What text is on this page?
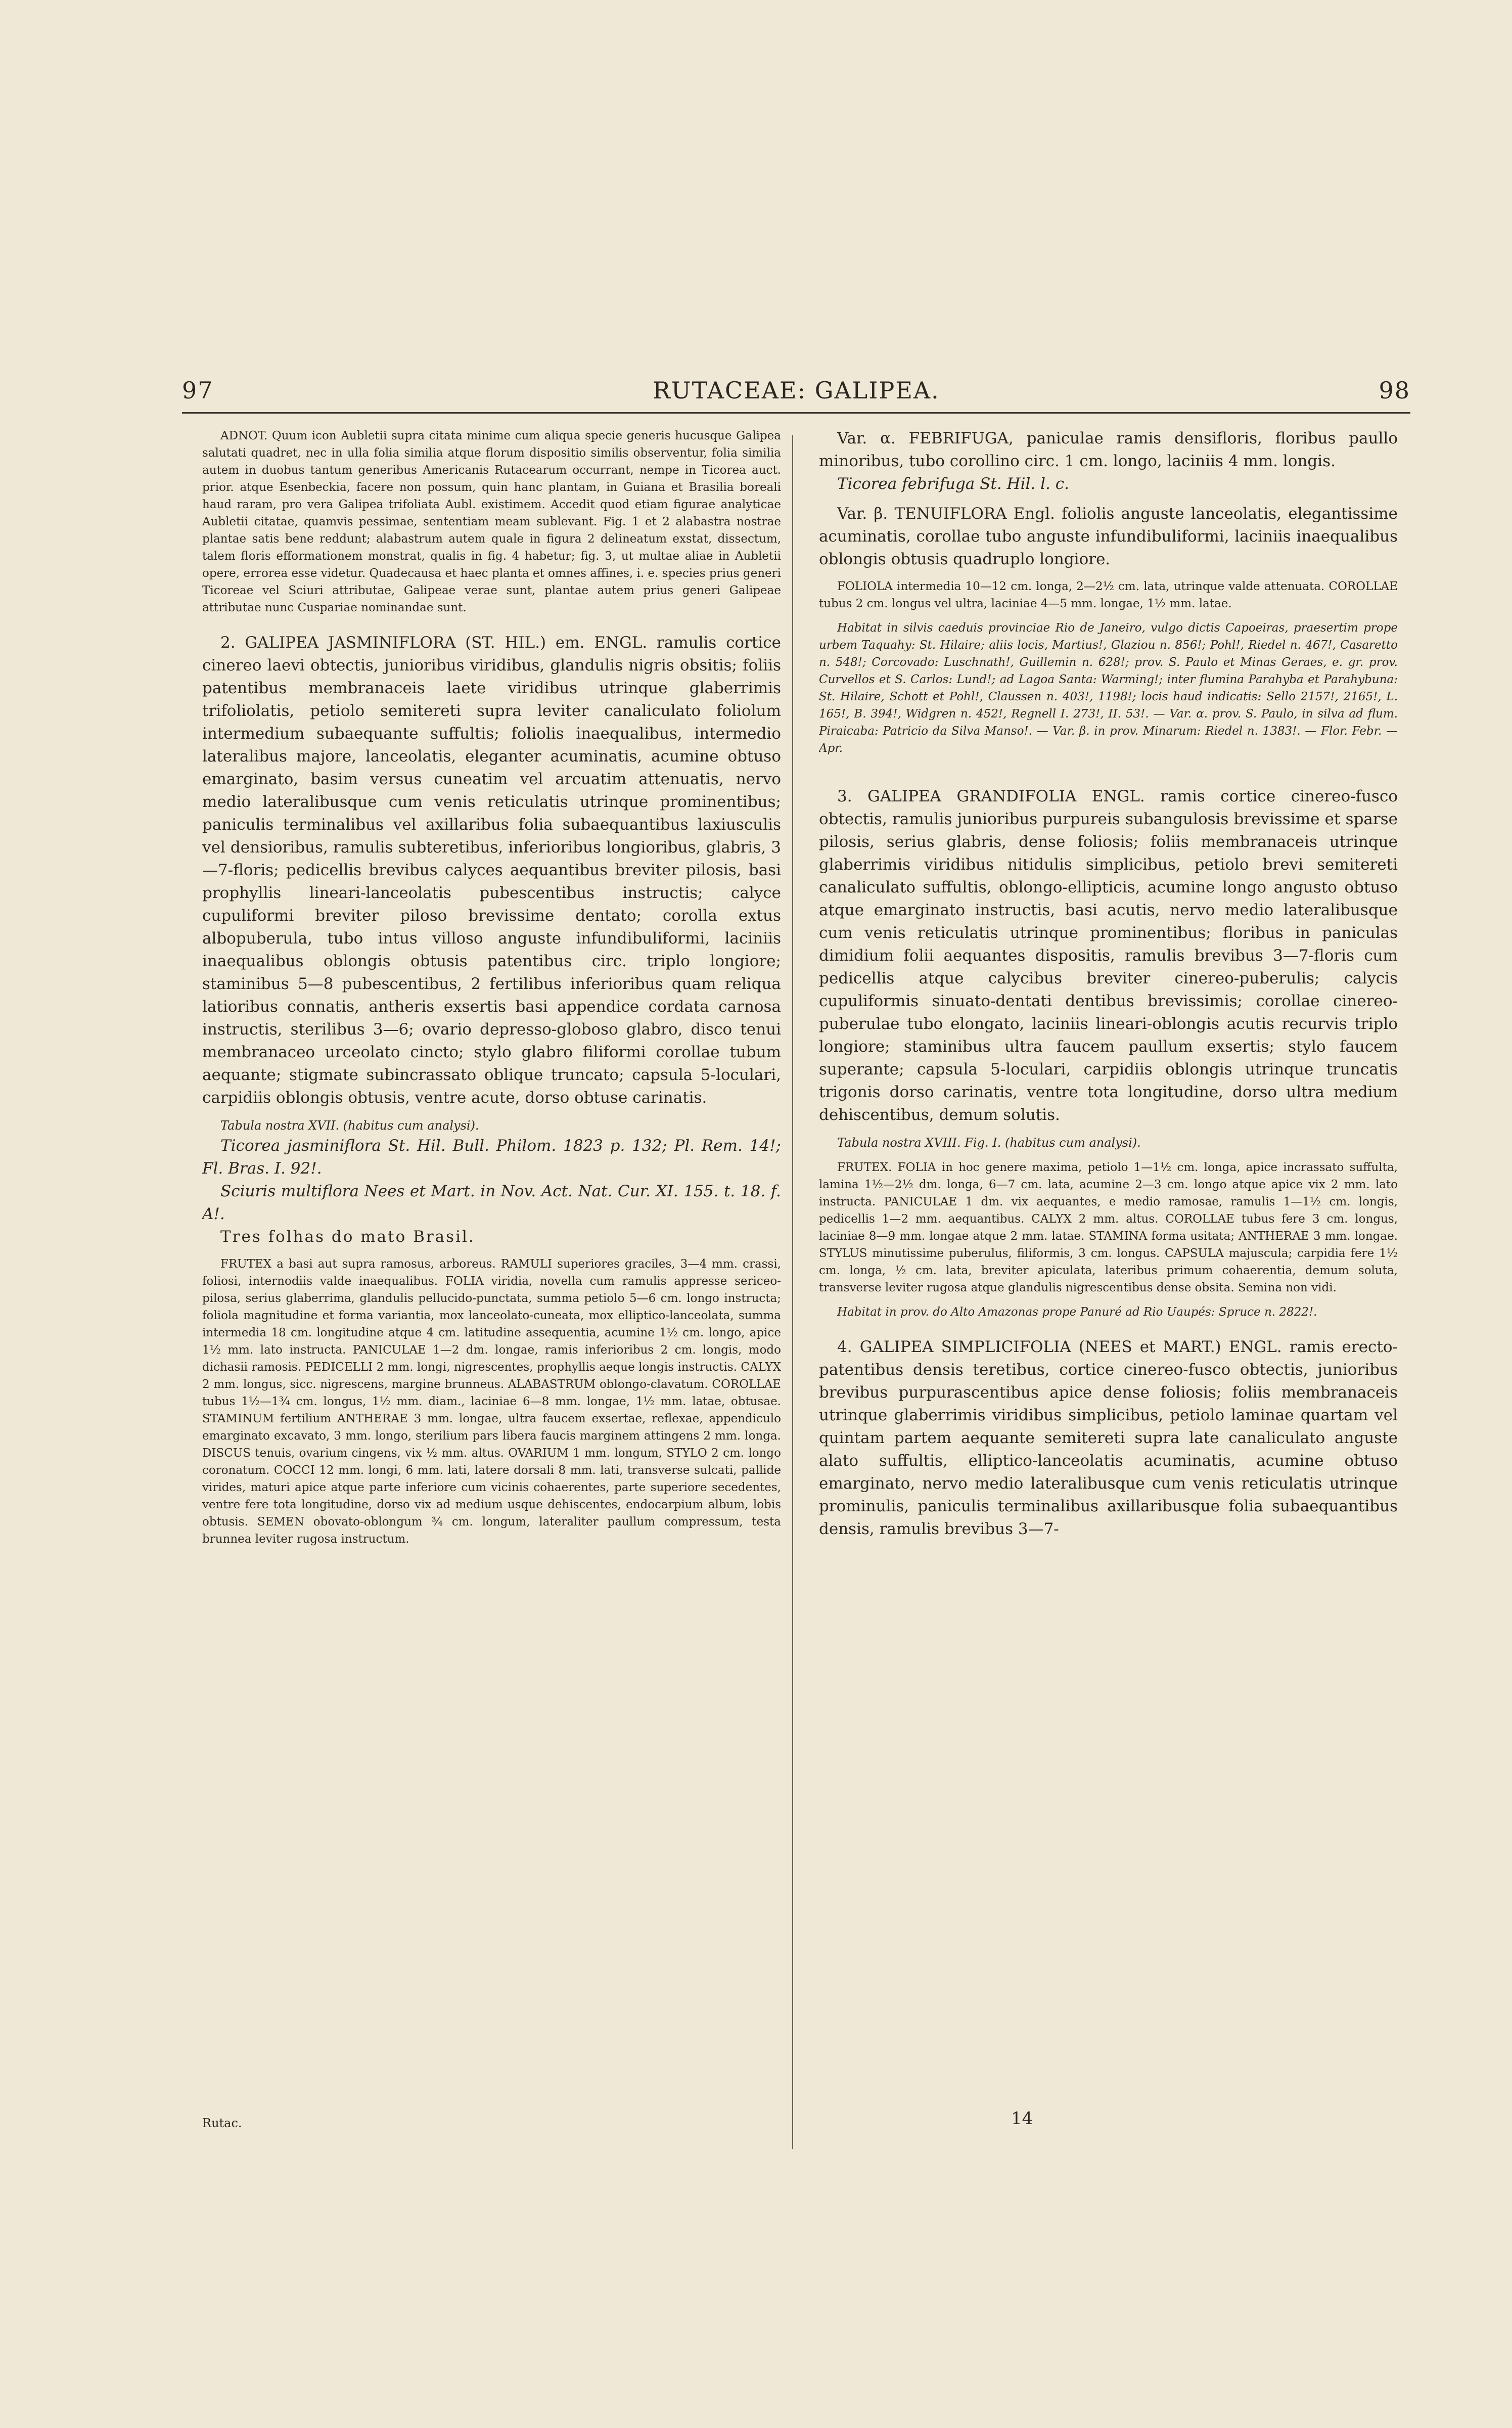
97	RUTACEAE: GALIPEA.	98

ADNOT. Quum icon Aubletii supra citata minime cum aliqua specie generis hucusque Galipea salutati quadret, nec in ulla folia similia atque florum dispositio similis observentur, folia similia autem in duobus tantum generibus Americanis Rutacearum occurrant, nempe in Ticorea auct. prior. atque Esenbeckia, facere non possum, quin hanc plantam, in Guiana et Brasilia boreali haud raram, pro vera Galipea trifoliata Aubl. existimem. Accedit quod etiam figurae analyticae Aubletii citatae, quamvis pessimae, sententiam meam sublevant. Fig. 1 et 2 alabastra nostrae plantae satis bene reddunt; alabastrum autem quale in figura 2 delineatum exstat, dissectum, talem floris efformationem monstrat, qualis in fig. 4 habetur; fig. 3, ut multae aliae in Aubletii opere, errorea esse videtur. Quadecausa et haec planta et omnes affines, i. e. species prius generi Ticoreae vel Sciuri attributae, Galipeae verae sunt, plantae autem prius generi Galipeae attributae nunc Cuspariae nominandae sunt.

2. GALIPEA JASMINIFLORA (ST. HIL.) em. ENGL. ramulis cortice cinereo laevi obtectis, junioribus viridibus, glandulis nigris obsitis; foliis patentibus membranaceis laete viridibus utrinque glaberrimis trifoliolatis, petiolo semitereti supra leviter canaliculato foliolum intermedium subaequante suffultis; foliolis inaequalibus, intermedio lateralibus majore, lanceolatis, eleganter acuminatis, acumine obtuso emarginato, basim versus cuneatim vel arcuatim attenuatis, nervo medio lateralibusque cum venis reticulatis utrinque prominentibus; paniculis terminalibus vel axillaribus folia subaequantibus laxiusculis vel densioribus, ramulis subteretibus, inferioribus longioribus, glabris, 3—7-floris; pedicellis brevibus calyces aequantibus breviter pilosis, basi prophyllis lineari-lanceolatis pubescentibus instructis; calyce cupuliformi breviter piloso brevissime dentato; corolla extus albopuberula, tubo intus villoso anguste infundibuliformi, laciniis inaequalibus oblongis obtusis patentibus circ. triplo longiore; staminibus 5—8 pubescentibus, 2 fertilibus inferioribus quam reliqua latioribus connatis, antheris exsertis basi appendice cordata carnosa instructis, sterilibus 3—6; ovario depresso-globoso glabro, disco tenui membranaceo urceolato cincto; stylo glabro filiformi corollae tubum aequante; stigmate subincrassato oblique truncato; capsula 5-loculari, carpidiis oblongis obtusis, ventre acute, dorso obtuse carinatis.

Tabula nostra XVII. (habitus cum analysi).

Ticorea jasminiflora St. Hil. Bull. Philom. 1823 p. 132; Pl. Rem. 14!; Fl. Bras. I. 92!.

Sciuris multiflora Nees et Mart. in Nov. Act. Nat. Cur. XI. 155. t. 18. f. A!.

Tres folhas do mato Brasil.

FRUTEX a basi aut supra ramosus, arboreus. RAMULI superiores graciles, 3—4 mm. crassi, foliosi, internodiis valde inaequalibus. FOLIA viridia, novella cum ramulis appresse sericeo-pilosa, serius glaberrima, glandulis pellucido-punctata, summa petiolo 5—6 cm. longo instructa; foliola magnitudine et forma variantia, mox lanceolato-cuneata, mox elliptico-lanceolata, summa intermedia 18 cm. longitudine atque 4 cm. latitudine assequentia, acumine 1½ cm. longo, apice 1½ mm. lato instructa. PANICULAE 1—2 dm. longae, ramis inferioribus 2 cm. longis, modo dichasii ramosis. PEDICELLI 2 mm. longi, nigrescentes, prophyllis aeque longis instructis. CALYX 2 mm. longus, sicc. nigrescens, margine brunneus. ALABASTRUM oblongo-clavatum. COROLLAE tubus 1½—1¾ cm. longus, 1½ mm. diam., laciniae 6—8 mm. longae, 1½ mm. latae, obtusae. STAMINUM fertilium ANTHERAE 3 mm. longae, ultra faucem exsertae, reflexae, appendiculo emarginato excavato, 3 mm. longo, sterilium pars libera faucis marginem attingens 2 mm. longa. DISCUS tenuis, ovarium cingens, vix ½ mm. altus. OVARIUM 1 mm. longum, STYLO 2 cm. longo coronatum. COCCI 12 mm. longi, 6 mm. lati, latere dorsali 8 mm. lati, transverse sulcati, pallide virides, maturi apice atque parte inferiore cum vicinis cohaerentes, parte superiore secedentes, ventre fere tota longitudine, dorso vix ad medium usque dehiscentes, endocarpium album, lobis obtusis. SEMEN obovato-oblongum ¾ cm. longum, lateraliter paullum compressum, testa brunnea leviter rugosa instructum.

Var. α. FEBRIFUGA, paniculae ramis densifloris, floribus paullo minoribus, tubo corollino circ. 1 cm. longo, laciniis 4 mm. longis.

Ticorea febrifuga St. Hil. l. c.

Var. β. TENUIFLORA Engl. foliolis anguste lanceolatis, elegantissime acuminatis, corollae tubo anguste infundibuliformi, laciniis inaequalibus oblongis obtusis quadruplo longiore.

FOLIOLA intermedia 10—12 cm. longa, 2—2½ cm. lata, utrinque valde attenuata. COROLLAE tubus 2 cm. longus vel ultra, laciniae 4—5 mm. longae, 1½ mm. latae.

Habitat in silvis caeduis provinciae Rio de Janeiro, vulgo dictis Capoeiras, praesertim prope urbem Taquahy: St. Hilaire; aliis locis, Martius!, Glaziou n. 856!; Pohl!, Riedel n. 467!, Casaretto n. 548!; Corcovado: Luschnath!, Guillemin n. 628!; prov. S. Paulo et Minas Geraes, e. gr. prov. Curvellos et S. Carlos: Lund!; ad Lagoa Santa: Warming!; inter flumina Parahyba et Parahybuna: St. Hilaire, Schott et Pohl!, Claussen n. 403!, 1198!; locis haud indicatis: Sello 2157!, 2165!, L. 165!, B. 394!, Widgren n. 452!, Regnell I. 273!, II. 53!. — Var. α. prov. S. Paulo, in silva ad flum. Piraicaba: Patricio da Silva Manso!. — Var. β. in prov. Minarum: Riedel n. 1383!. — Flor. Febr. — Apr.

3. GALIPEA GRANDIFOLIA ENGL. ramis cortice cinereo-fusco obtectis, ramulis junioribus purpureis subangulosis brevissime et sparse pilosis, serius glabris, dense foliosis; foliis membranaceis utrinque glaberrimis viridibus nitidulis simplicibus, petiolo brevi semitereti canaliculato suffultis, oblongo-ellipticis, acumine longo angusto obtuso atque emarginato instructis, basi acutis, nervo medio lateralibusque cum venis reticulatis utrinque prominentibus; floribus in paniculas dimidium folii aequantes dispositis, ramulis brevibus 3—7-floris cum pedicellis atque calycibus breviter cinereo-puberulis; calycis cupuliformis sinuato-dentati dentibus brevissimis; corollae cinereo-puberulae tubo elongato, laciniis lineari-oblongis acutis recurvis triplo longiore; staminibus ultra faucem paullum exsertis; stylo faucem superante; capsula 5-loculari, carpidiis oblongis utrinque truncatis trigonis dorso carinatis, ventre tota longitudine, dorso ultra medium dehiscentibus, demum solutis.

Tabula nostra XVIII. Fig. I. (habitus cum analysi).

FRUTEX. FOLIA in hoc genere maxima, petiolo 1—1½ cm. longa, apice incrassato suffulta, lamina 1½—2½ dm. longa, 6—7 cm. lata, acumine 2—3 cm. longo atque apice vix 2 mm. lato instructa. PANICULAE 1 dm. vix aequantes, e medio ramosae, ramulis 1—1½ cm. longis, pedicellis 1—2 mm. aequantibus. CALYX 2 mm. altus. COROLLAE tubus fere 3 cm. longus, laciniae 8—9 mm. longae atque 2 mm. latae. STAMINA forma usitata; ANTHERAE 3 mm. longae. STYLUS minutissime puberulus, filiformis, 3 cm. longus. CAPSULA majuscula; carpidia fere 1½ cm. longa, ½ cm. lata, breviter apiculata, lateribus primum cohaerentia, demum soluta, transverse leviter rugosa atque glandulis nigrescentibus dense obsita. Semina non vidi.

Habitat in prov. do Alto Amazonas prope Panuré ad Rio Uaupés: Spruce n. 2822!.

4. GALIPEA SIMPLICIFOLIA (NEES et MART.) ENGL. ramis erecto-patentibus densis teretibus, cortice cinereo-fusco obtectis, junioribus brevibus purpurascentibus apice dense foliosis; foliis membranaceis utrinque glaberrimis viridibus simplicibus, petiolo laminae quartam vel quintam partem aequante semitereti supra late canaliculato anguste alato suffultis, elliptico-lanceolatis acuminatis, acumine obtuso emarginato, nervo medio lateralibusque cum venis reticulatis utrinque prominulis, paniculis terminalibus axillaribusque folia subaequantibus densis, ramulis brevibus 3—7-

Rutac.	14
